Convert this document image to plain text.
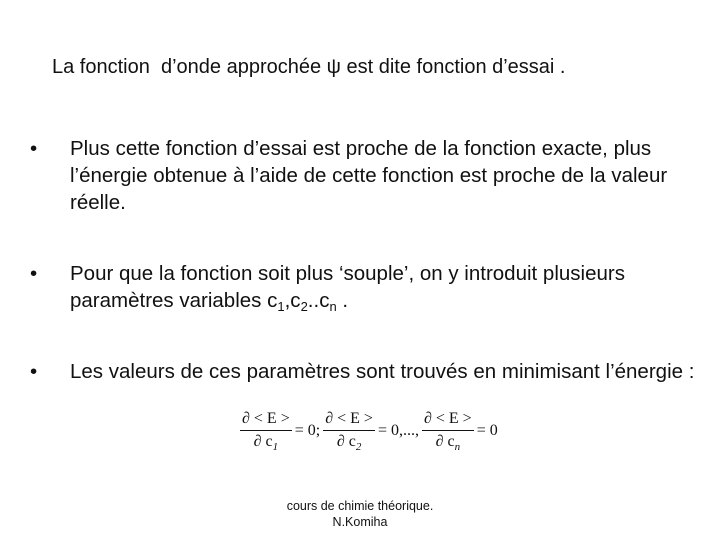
La fonction  d’onde approchée ψ est dite fonction d’essai .
•	Plus cette fonction d’essai est proche de la fonction exacte, plus l’énergie obtenue à l’aide de cette fonction est proche de la valeur réelle.
•	Pour que la fonction soit plus ‘souple’, on y introduit plusieurs paramètres variables $c_1,c_2..c_n$ .
•	Les valeurs de ces paramètres sont trouvés en minimisant l’énergie :
$\frac{\partial < E >}{\partial c_1} = 0$; $\frac{\partial < E >}{\partial c_2} = 0$,..., $\frac{\partial < E >}{\partial c_n} = 0$
cours de chimie théorique.
N.Komiha
